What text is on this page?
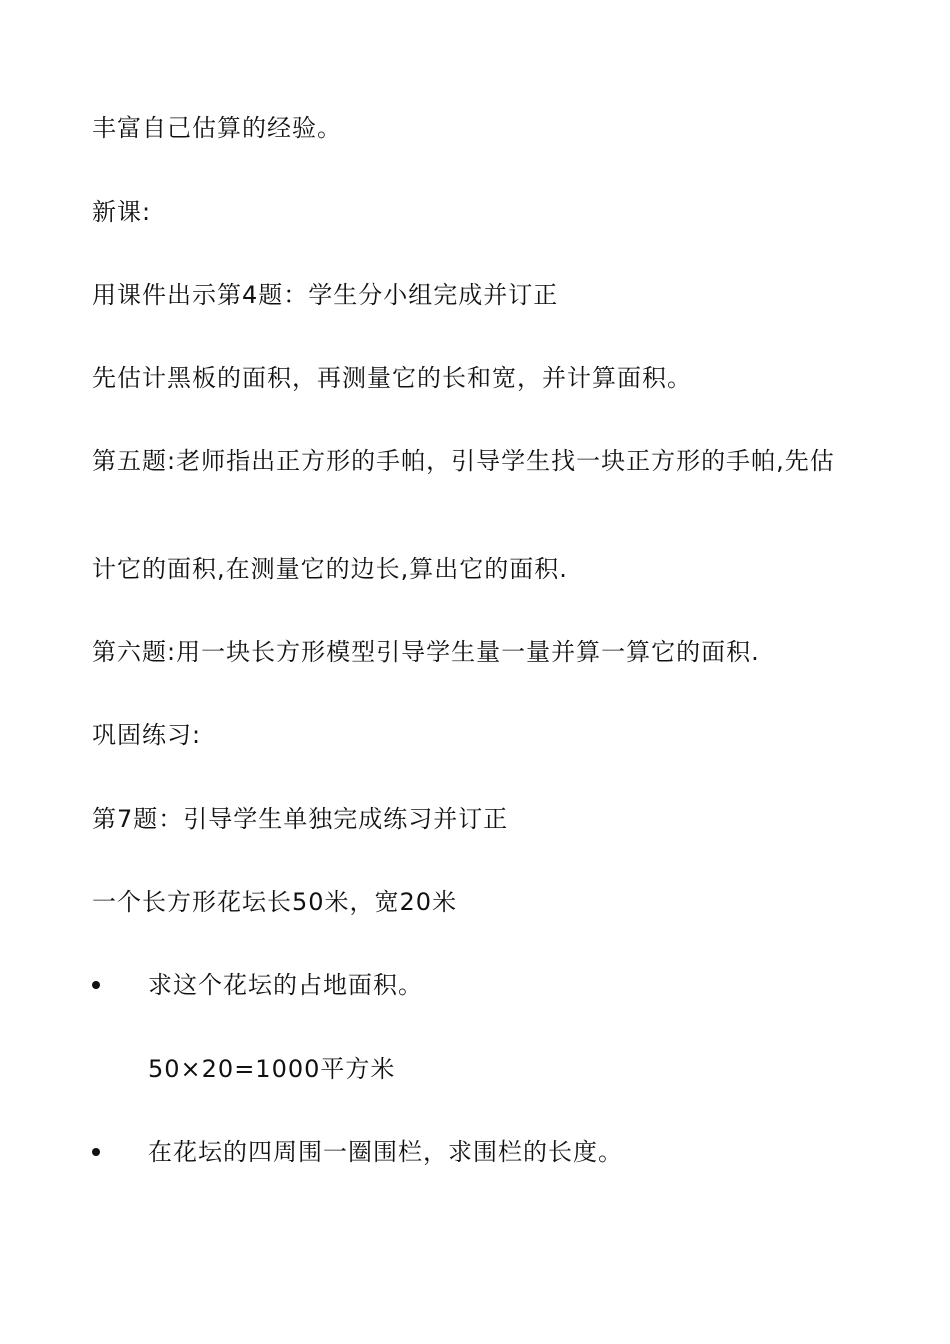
丰富自己估算的经验。
新课:
用课件出示第4题：学生分小组完成并订正
先估计黑板的面积，再测量它的长和宽，并计算面积。
第五题:老师指出正方形的手帕，引导学生找一块正方形的手帕,先估
计它的面积,在测量它的边长,算出它的面积.
第六题:用一块长方形模型引导学生量一量并算一算它的面积.
巩固练习:
第7题：引导学生单独完成练习并订正
一个长方形花坛长50米，宽20米
求这个花坛的占地面积。
50×20=1000平方米
在花坛的四周围一圈围栏，求围栏的长度。
